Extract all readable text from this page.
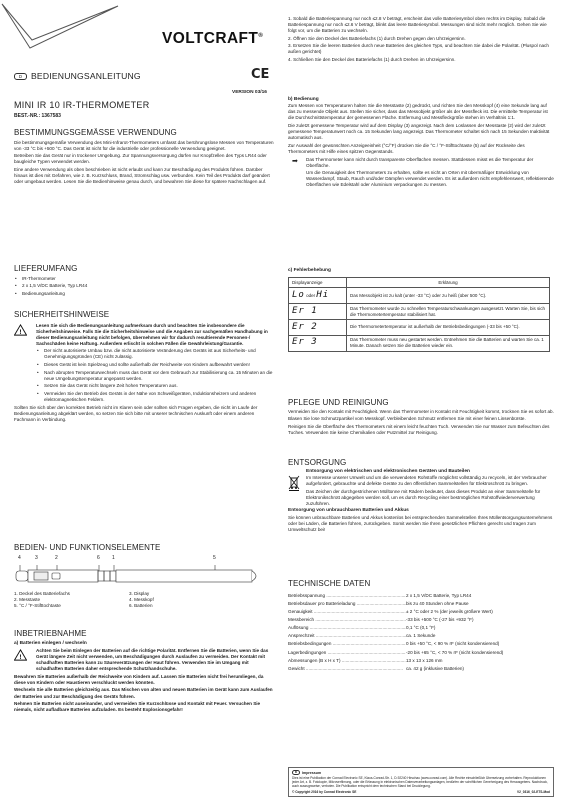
VOLTCRAFT®
D BEDIENUNGSANLEITUNG	CE
VERSION 03/16
MINI IR 10 IR-THERMOMETER
BEST.-NR.: 1367583
BESTIMMUNGSGEMÄSSE VERWENDUNG

Die bestimmungsgemäße Verwendung des Mini-Infrarot-Thermometers umfasst das berührungslose Messen von Temperaturen von -33 °C bis +500 °C. Das Gerät ist nicht für die industrielle oder professionelle Verwendung geeignet.

Betreiben Sie das Gerät nur in trockener Umgebung. Zur Spannungsversorgung dürfen nur Knopfzellen des Typs LR44 oder baugleiche Typen verwendet werden.

Eine andere Verwendung als oben beschrieben ist nicht erlaubt und kann zur Beschädigung des Produkts führen. Darüber hinaus ist dies mit Gefahren, wie z. B. Kurzschluss, Brand, Stromschlag usw. verbunden. Kein Teil des Produkts darf geändert oder umgebaut werden. Lesen Sie die Bedienhinweise genau durch, und bewahren Sie diese für spätere Nachschlagen auf.

LIEFERUMFANG
• IR-Thermometer
• 2 x 1,5 V/DC Batterie, Typ LR44
• Bedienungsanleitung
SICHERHEITSHINWEISE
!

Lesen Sie sich die Bedienungsanleitung aufmerksam durch und beachten Sie insbesondere die Sicherheitshinweise. Falls Sie die Sicherheitshinweise und die Angaben zur sachgemäßen Handhabung in dieser Bedienungsanleitung nicht befolgen, übernehmen wir für dadurch resultierende Personen-/ Sachschäden keine Haftung. Außerdem erlischt in solchen Fällen die Gewährleistung/Garantie.

• Der nicht autorisierte Umbau bzw. die nicht autorisierte Veränderung des Geräts ist aus Sicherheits- und Genehmigungsgründen (CE) nicht zulässig.
• Dieses Gerät ist kein Spielzeug und sollte außerhalb der Reichweite von Kindern aufbewahrt werden!
• Nach abrupten Temperaturwechseln muss das Gerät vor dem Gebrauch zur Stabilisierung ca. 15 Minuten an die neue Umgebungstemperatur angepasst werden.
• Setzen Sie das Gerät nicht längere Zeit hohen Temperaturen aus.
• Vermeiden Sie den Betrieb des Geräts in der Nähe von Schweißgeräten, Induktionsheizern und anderen elektromagnetischen Feldern.

Sollten Sie sich über den korrekten Betrieb nicht im Klaren sein oder sollten sich Fragen ergeben, die nicht im Laufe der Bedienungsanleitung abgeklärt werden, so setzen Sie sich bitte mit unserer technischen Auskunft oder einem anderen Fachmann in Verbindung.

BEDIEN- UND FUNKTIONSELEMENTE
4	3	2	6 1	5
1. Deckel des Batteriefachs	3. Display
2. Messtaste	4. Messkopf
5. °C / °F-Stifttochtaste	6. Batterien
INBETRIEBNAHME
a) Batterien einlegen / wechseln
!

Achten Sie beim Einlegen der Batterien auf die richtige Polarität. Entfernen Sie die Batterien, wenn Sie das Gerät längere Zeit nicht verwenden, um Beschädigungen durch Auslaufen zu vermeiden. Der Kontakt mit schadhaften Batterien kann zu Säureverätzungen der Haut führen. Verwenden Sie im Umgang mit schadhaften Batterien daher entsprechende Schutzhandschuhe.

Bewahren Sie Batterien außerhalb der Reichweite von Kindern auf. Lassen Sie Batterien nicht frei herumliegen, da diese von Kindern oder Haustieren verschluckt werden könnten.

Wechseln Sie alle Batterien gleichzeitig aus. Das Mischen von alten und neuen Batterien im Gerät kann zum Auslaufen der Batterien und zur Beschädigung des Geräts führen.

Nehmen Sie Batterien nicht auseinander, und vermeiden Sie Kurzschlüsse und Kontakt mit Feuer. Versuchen Sie niemals, nicht aufladbare Batterien aufzuladen. Es besteht Explosionsgefahr!

1. Sobald die Batteriespannung nur noch ≤2.8 V beträgt, erscheint das volle Batteriesymbol oben rechts im Display. Sobald die Batteriespannung nur noch ≤2.6 V beträgt, blinkt das leere Batteriesymbol. Messungen sind nicht mehr möglich. Gehen Sie wie folgt vor, um die Batterien zu wechseln.

2. Öffnen Sie den Deckel des Batteriefachs (1) durch Drehen gegen den Uhrzeigersinn.

3. Ersetzen Sie die leeren Batterien durch neue Batterien des gleichen Typs, und beachten Sie dabei die Polarität. (Pluspol nach außen gerichtet)

4. Schließen Sie den Deckel des Batteriefachs (1) durch Drehen im Uhrzeigersinn.

b) Bedienung

Zum Messen von Temperaturen halten Sie die Messtaste (2) gedrückt, und richten Sie den Messkopf (4) eine Sekunde lang auf das zu messende Objekt aus. Stellen Sie sicher, dass das Messobjekt größer als der Messfleck ist. Die ermittelte Temperatur ist die Durchschnittstemperatur der gemessenen Fläche. Entfernung und Messfleckgröße stehen im Verhältnis 1:1.

Die zuletzt gemessene Temperatur wird auf dem Display (3) angezeigt. Nach dem Loslassen der Messtaste (2) wird der zuletzt gemessene Temperaturwert noch ca. 15 Sekunden lang angezeigt. Das Thermometer schaltet sich nach 15 Sekunden Inaktivität automatisch aus.

Zur Auswahl der gewünschten Anzeigeeinheit (°C/°F) drücken Sie die °C / °F-Stifttochtaste (5) auf der Rückseite des Thermometers mit Hilfe eines spitzen Gegenstands.

➡ Das Thermometer kann nicht durch transparente Oberflächen messen. Stattdessen misst es die Temperatur der Oberfläche.

Um die Genauigkeit des Thermometers zu erhalten, sollte es nicht an Orten mit übermäßiger Entwicklung von Wasserdampf, Staub, Rauch und/oder Dämpfen verwendet werden. Es ist außerdem nicht empfehlenswert, reflektierende Oberflächen wie Edelstahl oder Aluminium verpackungen zu messen.

c) Fehlerbehebung
Displayanzeige	Erklärung
Lo oder Hi	Das Messobjekt ist zu kalt (unter -33 °C) oder zu heiß (über 500 °C).
Er 1	Das Thermometer wurde zu schnellen Temperaturschwankungen ausgesetzt. Warten Sie, bis sich die Thermometertemperatur stabilisiert hat.
Er 2	Die Thermometertemperatur ist außerhalb der Betriebsbedingungen (-33 bis +50 °C).
Er 3	Das Thermometer muss neu gestartet werden. Entnehmen Sie die Batterien und warten Sie ca. 1 Minute. Danach setzen Sie die Batterien wieder ein.
PFLEGE UND REINIGUNG

Vermeiden Sie den Kontakt mit Feuchtigkeit. Wenn das Thermometer in Kontakt mit Feuchtigkeit kommt, trocknen Sie es sofort ab.

Blasen Sie lose Schmutzpartikel vom Messkopf. Verbleibenden Schmutz entfernen Sie mit einer feinen Linsenbürste.

Reinigen Sie die Oberfläche des Thermometers mit einem leicht feuchten Tuch. Verwenden Sie nur Wasser zum Befeuchten des Tuches. Verwenden Sie keine Chemikalien oder Putzmittel zur Reinigung.

ENTSORGUNG
Entsorgung von elektrischen und elektronischen Geräten und Bauteilen

Im Interesse unserer Umwelt und um die verwendeten Rohstoffe möglichst vollständig zu recyceln, ist der Verbraucher aufgefordert, gebrauchte und defekte Geräte zu den öffentlichen Sammelstellen für Elektroschrott zu bringen.

Das Zeichen der durchgestrichenen Mülltonne mit Rädern bedeutet, dass dieses Produkt an einer Sammelstelle für Elektronikschrott abgegeben werden soll, um es durch Recycling einer bestmöglichen Rohstoffwiederverwertung zuzuführen.

Entsorgung von unbrauchbaren Batterien und Akkus

Sie können unbrauchbare Batterien und Akkus kostenlos bei entsprechenden Sammelstellen Ihres Müllentsorgungsunternehmens oder bei Läden, die Batterien führen, zurückgeben. Somit werden Sie Ihren gesetzlichen Pflichten gerecht und tragen zum Umweltschutz bei!

TECHNISCHE DATEN
Betriebsspannung .....	2 x 1,5 V/DC Batterie, Typ LR44
Betriebsdauer pro Batterieladung .....	bis zu 40 Stunden ohne Pause
Genauigkeit .....	± 2 °C oder 2 % (der jeweils größere Wert)
Messbereich .....	-33 bis +500 °C (-27 bis +932 °F)
Auflösung .....	0,1 °C (0,1 °F)
Ansprechzeit .....	ca. 1 Sekunde
Betriebsbedingungen .....	0 bis +50 °C, < 90 % rF (nicht kondensierend)
Lagerbedingungen .....	-20 bis +65 °C, < 70 % rF (nicht kondensierend)
Abmessungen (B x H x T) .....	13 x 13 x 126 mm
Gewicht .....	ca. 42 g (inklusive Batterien)
D Impressum
Dies ist eine Publikation der Conrad Electronic SE, Klaus-Conrad-Str. 1, D-92240 Hirschau (www.conrad.com). Alle Rechte einschließlich Übersetzung vorbehalten. Reproduktionen jeder Art, z. B. Fotokopie, Mikroverfilmung, oder die Erfassung in elektronischen Datenverarbeitungsanlagen, bedürfen der schriftlichen Genehmigung des Herausgebers. Nachdruck, auch auszugsweise, verboten. Die Publikation entspricht dem technischen Stand bei Drucklegung.
© Copyright 2016 by Conrad Electronic SE	V2_0316_02-ETS-Mod
